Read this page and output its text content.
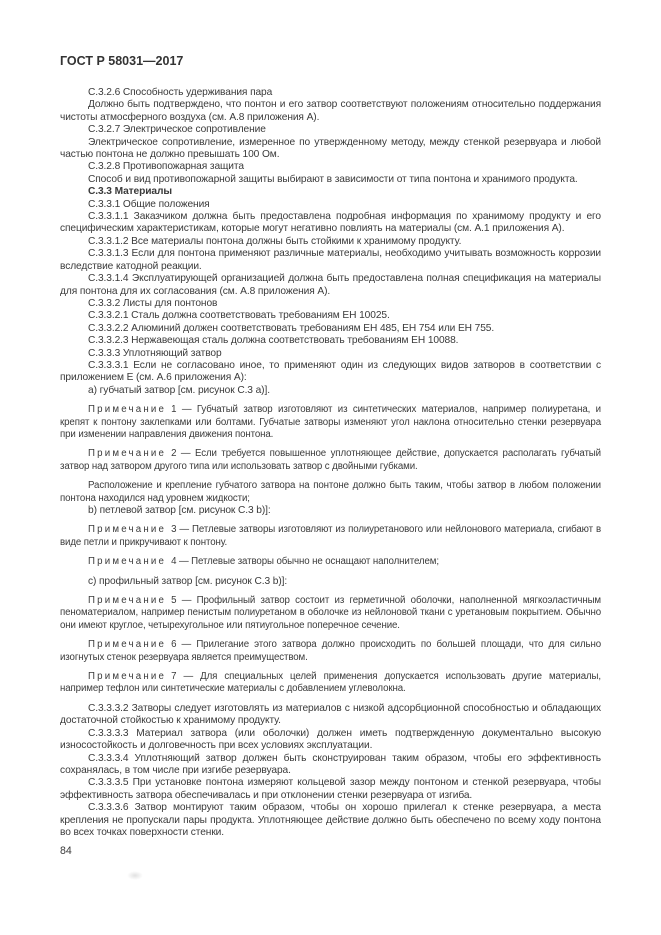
ГОСТ Р 58031—2017

С.3.2.6 Способность удерживания пара

Должно быть подтверждено, что понтон и его затвор соответствуют положениям относительно поддержания чистоты атмосферного воздуха (см. А.8 приложения А).

С.3.2.7 Электрическое сопротивление

Электрическое сопротивление, измеренное по утвержденному методу, между стенкой резервуара и любой частью понтона не должно превышать 100 Ом.

С.3.2.8 Противопожарная защита

Способ и вид противопожарной защиты выбирают в зависимости от типа понтона и хранимого продукта.

С.3.3 Материалы

С.3.3.1 Общие положения

С.3.3.1.1 Заказчиком должна быть предоставлена подробная информация по хранимому продукту и его специфическим характеристикам, которые могут негативно повлиять на материалы (см. А.1 приложения А).

С.3.3.1.2 Все материалы понтона должны быть стойкими к хранимому продукту.

С.3.3.1.3 Если для понтона применяют различные материалы, необходимо учитывать возможность коррозии вследствие катодной реакции.

С.3.3.1.4 Эксплуатирующей организацией должна быть предоставлена полная спецификация на материалы для понтона для их согласования (см. А.8 приложения А).

С.3.3.2 Листы для понтонов

С.3.3.2.1 Сталь должна соответствовать требованиям ЕН 10025.

С.3.3.2.2 Алюминий должен соответствовать требованиям ЕН 485, ЕН 754 или ЕН 755.

С.3.3.2.3 Нержавеющая сталь должна соответствовать требованиям ЕН 10088.

С.3.3.3 Уплотняющий затвор

С.3.3.3.1 Если не согласовано иное, то применяют один из следующих видов затворов в соответствии с приложением Е (см. А.6 приложения А):

а) губчатый затвор [см. рисунок С.3 а)].

Примечание 1 — Губчатый затвор изготовляют из синтетических материалов, например полиуретана, и крепят к понтону заклепками или болтами. Губчатые затворы изменяют угол наклона относительно стенки резервуара при изменении направления движения понтона.

Примечание 2 — Если требуется повышенное уплотняющее действие, допускается располагать губчатый затвор над затвором другого типа или использовать затвор с двойными губками.

Расположение и крепление губчатого затвора на понтоне должно быть таким, чтобы затвор в любом положении понтона находился над уровнем жидкости;

b) петлевой затвор [см. рисунок С.3 b)]:

Примечание 3 — Петлевые затворы изготовляют из полиуретанового или нейлонового материала, сгибают в виде петли и прикручивают к понтону.

Примечание 4 — Петлевые затворы обычно не оснащают наполнителем;

с) профильный затвор [см. рисунок С.3 b)]:

Примечание 5 — Профильный затвор состоит из герметичной оболочки, наполненной мягкоэластичным пеноматериалом, например пенистым полиуретаном в оболочке из нейлоновой ткани с уретановым покрытием. Обычно они имеют круглое, четырехугольное или пятиугольное поперечное сечение.

Примечание 6 — Прилегание этого затвора должно происходить по большей площади, что для сильно изогнутых стенок резервуара является преимуществом.

Примечание 7 — Для специальных целей применения допускается использовать другие материалы, например тефлон или синтетические материалы с добавлением углеволокна.

С.3.3.3.2 Затворы следует изготовлять из материалов с низкой адсорбционной способностью и обладающих достаточной стойкостью к хранимому продукту.

С.3.3.3.3 Материал затвора (или оболочки) должен иметь подтвержденную документально высокую износостойкость и долговечность при всех условиях эксплуатации.

С.3.3.3.4 Уплотняющий затвор должен быть сконструирован таким образом, чтобы его эффективность сохранялась, в том числе при изгибе резервуара.

С.3.3.3.5 При установке понтона измеряют кольцевой зазор между понтоном и стенкой резервуара, чтобы эффективность затвора обеспечивалась и при отклонении стенки резервуара от изгиба.

С.3.3.3.6 Затвор монтируют таким образом, чтобы он хорошо прилегал к стенке резервуара, а места крепления не пропускали пары продукта. Уплотняющее действие должно быть обеспечено по всему ходу понтона во всех точках поверхности стенки.

84
